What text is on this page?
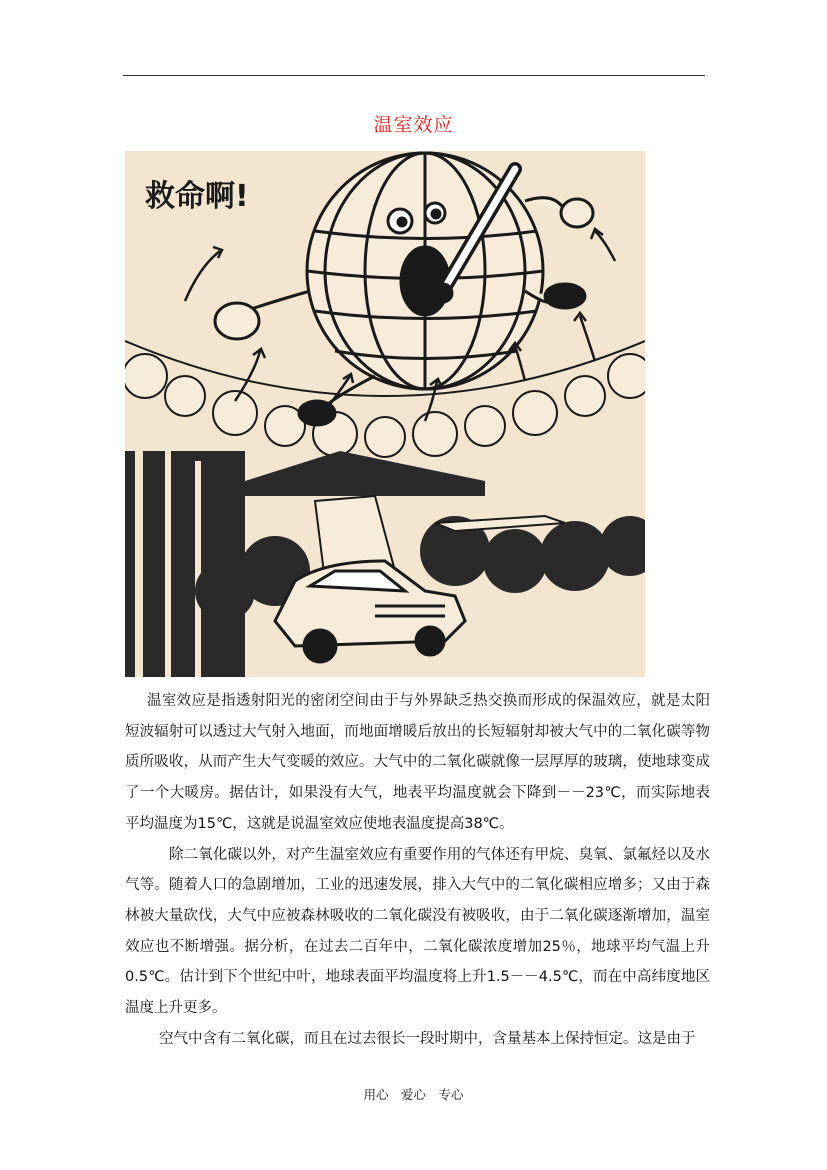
温室效应
救命啊!

温室效应是指透射阳光的密闭空间由于与外界缺乏热交换而形成的保温效应，就是太阳短波辐射可以透过大气射入地面，而地面增暖后放出的长短辐射却被大气中的二氧化碳等物质所吸收，从而产生大气变暖的效应。大气中的二氧化碳就像一层厚厚的玻璃，使地球变成了一个大暖房。据估计，如果没有大气，地表平均温度就会下降到－－23℃，而实际地表平均温度为15℃，这就是说温室效应使地表温度提高38℃。

除二氧化碳以外，对产生温室效应有重要作用的气体还有甲烷、臭氧、氯氟烃以及水气等。随着人口的急剧增加，工业的迅速发展，排入大气中的二氧化碳相应增多；又由于森林被大量砍伐，大气中应被森林吸收的二氧化碳没有被吸收，由于二氧化碳逐渐增加，温室效应也不断增强。据分析，在过去二百年中，二氧化碳浓度增加25％，地球平均气温上升0.5℃。估计到下个世纪中叶，地球表面平均温度将上升1.5－－4.5℃，而在中高纬度地区温度上升更多。

空气中含有二氧化碳，而且在过去很长一段时期中，含量基本上保持恒定。这是由于

用心　爱心　专心
